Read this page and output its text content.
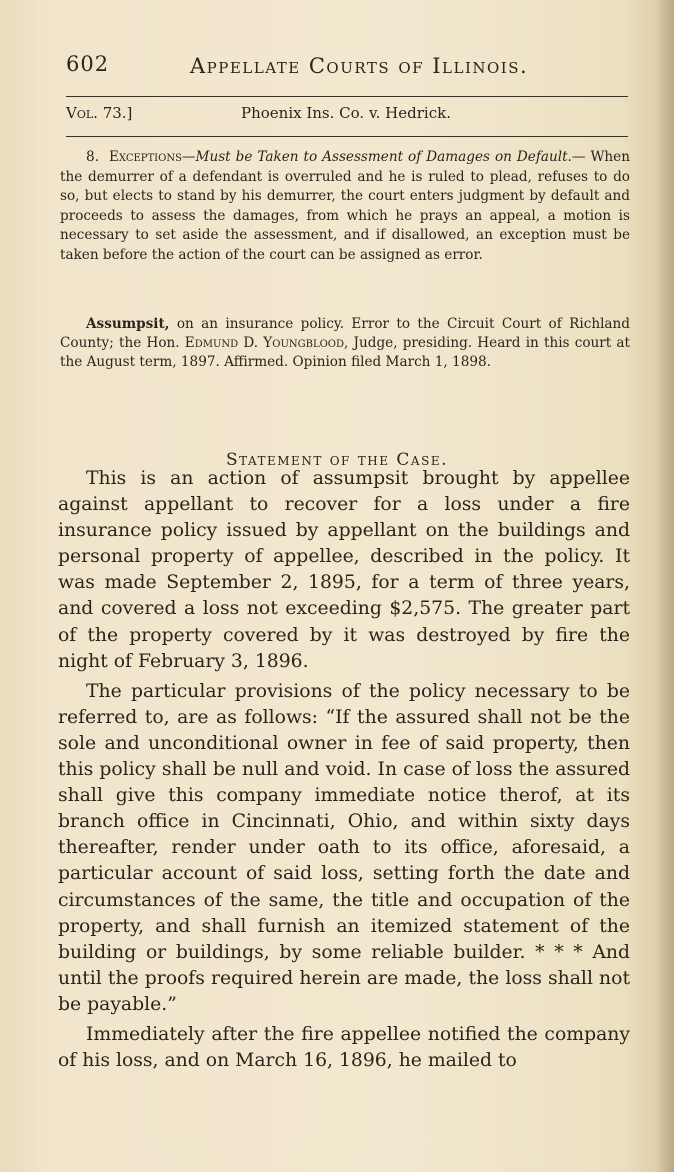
602	Appellate Courts of Illinois.
Vol. 73.]	Phoenix Ins. Co. v. Hedrick.

8. Exceptions—Must be Taken to Assessment of Damages on Default.— When the demurrer of a defendant is overruled and he is ruled to plead, refuses to do so, but elects to stand by his demurrer, the court enters judgment by default and proceeds to assess the damages, from which he prays an appeal, a motion is necessary to set aside the assessment, and if disallowed, an exception must be taken before the action of the court can be assigned as error.

Assumpsit, on an insurance policy. Error to the Circuit Court of Richland County; the Hon. Edmund D. Youngblood, Judge, presiding. Heard in this court at the August term, 1897. Affirmed. Opinion filed March 1, 1898.

Statement of the Case.

This is an action of assumpsit brought by appellee against appellant to recover for a loss under a fire insurance policy issued by appellant on the buildings and personal property of appellee, described in the policy. It was made September 2, 1895, for a term of three years, and covered a loss not exceeding $2,575. The greater part of the property covered by it was destroyed by fire the night of February 3, 1896.

The particular provisions of the policy necessary to be referred to, are as follows: “If the assured shall not be the sole and unconditional owner in fee of said property, then this policy shall be null and void. In case of loss the assured shall give this company immediate notice therof, at its branch office in Cincinnati, Ohio, and within sixty days thereafter, render under oath to its office, aforesaid, a particular account of said loss, setting forth the date and circumstances of the same, the title and occupation of the property, and shall furnish an itemized statement of the building or buildings, by some reliable builder. * * * And until the proofs required herein are made, the loss shall not be payable.”

Immediately after the fire appellee notified the company of his loss, and on March 16, 1896, he mailed to
